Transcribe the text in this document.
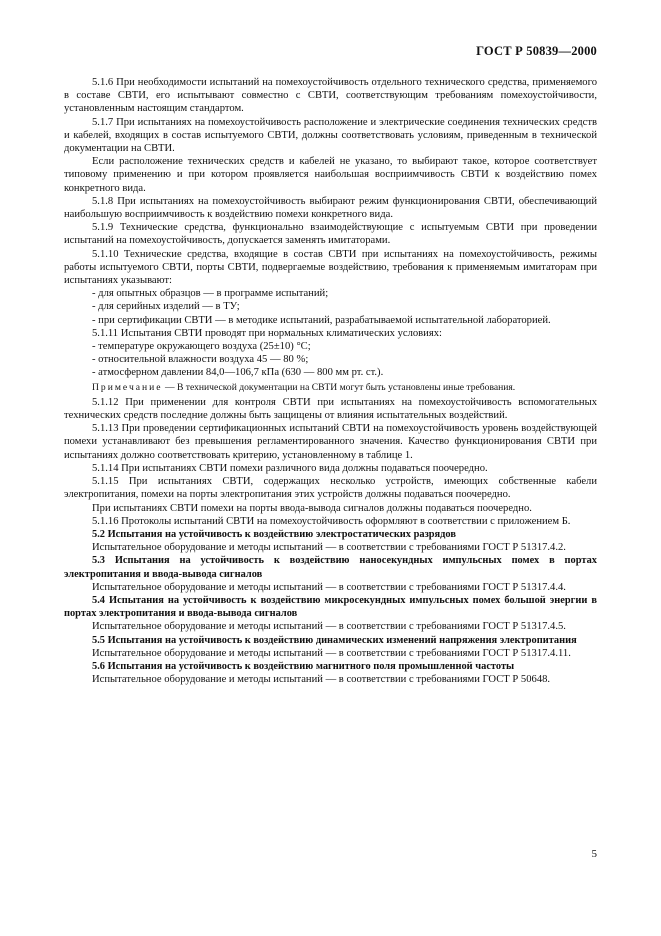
ГОСТ Р 50839—2000

5.1.6 При необходимости испытаний на помехоустойчивость отдельного технического средства, применяемого в составе СВТИ, его испытывают совместно с СВТИ, соответствующим требованиям помехоустойчивости, установленным настоящим стандартом.

5.1.7 При испытаниях на помехоустойчивость расположение и электрические соединения технических средств и кабелей, входящих в состав испытуемого СВТИ, должны соответствовать условиям, приведенным в технической документации на СВТИ.

Если расположение технических средств и кабелей не указано, то выбирают такое, которое соответствует типовому применению и при котором проявляется наибольшая восприимчивость СВТИ к воздействию помех конкретного вида.

5.1.8 При испытаниях на помехоустойчивость выбирают режим функционирования СВТИ, обеспечивающий наибольшую восприимчивость к воздействию помехи конкретного вида.

5.1.9 Технические средства, функционально взаимодействующие с испытуемым СВТИ при проведении испытаний на помехоустойчивость, допускается заменять имитаторами.

5.1.10 Технические средства, входящие в состав СВТИ при испытаниях на помехоустойчивость, режимы работы испытуемого СВТИ, порты СВТИ, подвергаемые воздействию, требования к применяемым имитаторам при испытаниях указывают:

- для опытных образцов — в программе испытаний;

- для серийных изделий — в ТУ;

- при сертификации СВТИ — в методике испытаний, разрабатываемой испытательной лабораторией.

5.1.11 Испытания СВТИ проводят при нормальных климатических условиях:

- температуре окружающего воздуха (25±10) °С;

- относительной влажности воздуха 45 — 80 %;

- атмосферном давлении 84,0—106,7 кПа (630 — 800 мм рт. ст.).

Примечание — В технической документации на СВТИ могут быть установлены иные требования.

5.1.12 При применении для контроля СВТИ при испытаниях на помехоустойчивость вспомогательных технических средств последние должны быть защищены от влияния испытательных воздействий.

5.1.13 При проведении сертификационных испытаний СВТИ на помехоустойчивость уровень воздействующей помехи устанавливают без превышения регламентированного значения. Качество функционирования СВТИ при испытаниях должно соответствовать критерию, установленному в таблице 1.

5.1.14 При испытаниях СВТИ помехи различного вида должны подаваться поочередно.

5.1.15 При испытаниях СВТИ, содержащих несколько устройств, имеющих собственные кабели электропитания, помехи на порты электропитания этих устройств должны подаваться поочередно.

При испытаниях СВТИ помехи на порты ввода-вывода сигналов должны подаваться поочередно.

5.1.16 Протоколы испытаний СВТИ на помехоустойчивость оформляют в соответствии с приложением Б.

5.2 Испытания на устойчивость к воздействию электростатических разрядов

Испытательное оборудование и методы испытаний — в соответствии с требованиями ГОСТ Р 51317.4.2.

5.3 Испытания на устойчивость к воздействию наносекундных импульсных помех в портах электропитания и ввода-вывода сигналов

Испытательное оборудование и методы испытаний — в соответствии с требованиями ГОСТ Р 51317.4.4.

5.4 Испытания на устойчивость к воздействию микросекундных импульсных помех большой энергии в портах электропитания и ввода-вывода сигналов

Испытательное оборудование и методы испытаний — в соответствии с требованиями ГОСТ Р 51317.4.5.

5.5 Испытания на устойчивость к воздействию динамических изменений напряжения электропитания

Испытательное оборудование и методы испытаний — в соответствии с требованиями ГОСТ Р 51317.4.11.

5.6 Испытания на устойчивость к воздействию магнитного поля промышленной частоты

Испытательное оборудование и методы испытаний — в соответствии с требованиями ГОСТ Р 50648.

5
